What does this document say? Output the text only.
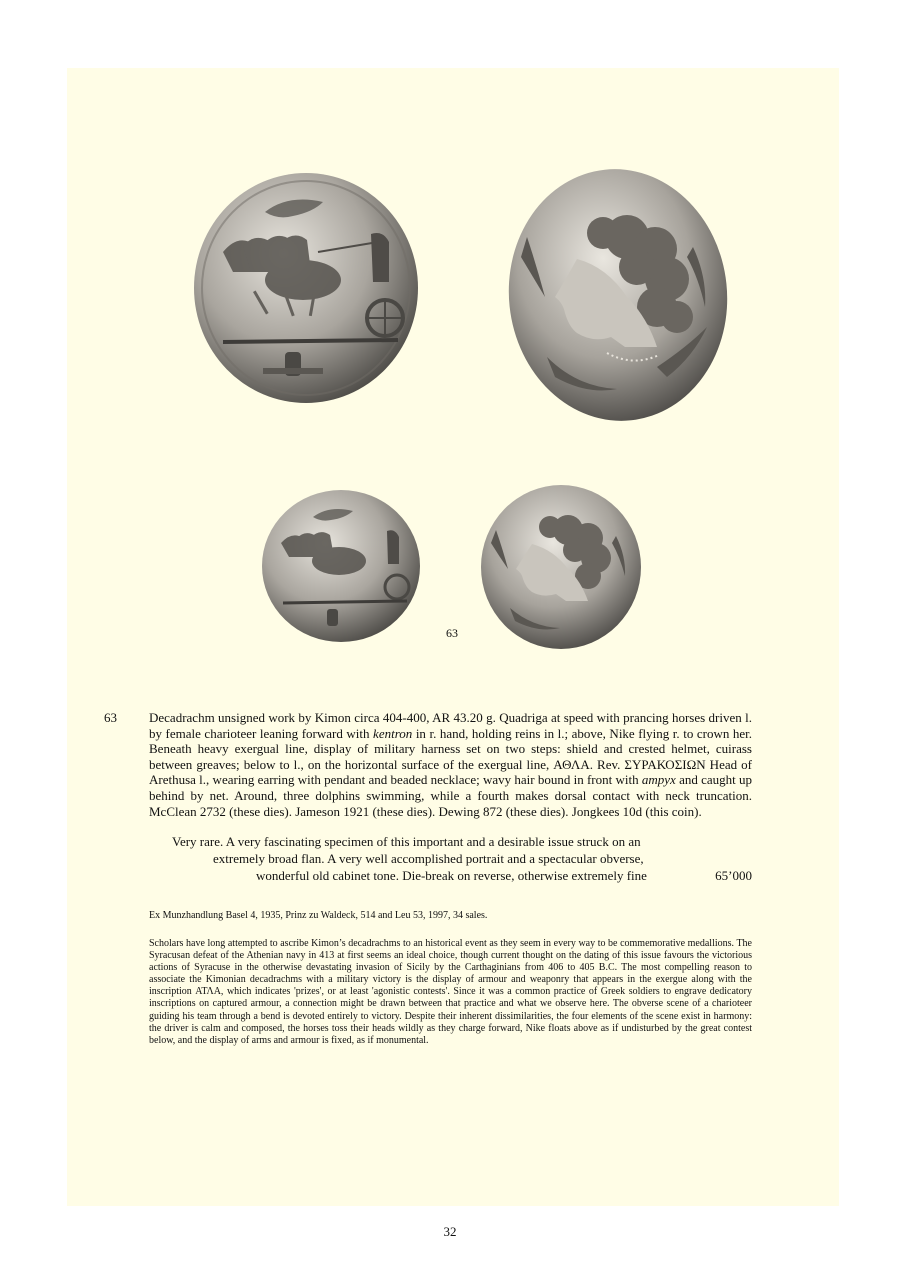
63
63 Decadrachm unsigned work by Kimon circa 404-400, AR 43.20 g. Quadriga at speed with prancing horses driven l. by female charioteer leaning forward with kentron in r. hand, holding reins in l.; above, Nike flying r. to crown her. Beneath heavy exergual line, display of military harness set on two steps: shield and crested helmet, cuirass between greaves; below to l., on the horizontal surface of the exergual line, ΑΘΛΑ. Rev. ΣΥΡΑΚΟΣΙΩΝ Head of Arethusa l., wearing earring with pendant and beaded necklace; wavy hair bound in front with ampyx and caught up behind by net. Around, three dolphins swimming, while a fourth makes dorsal contact with neck truncation. McClean 2732 (these dies). Jameson 1921 (these dies). Dewing 872 (these dies). Jongkees 10d (this coin).
Very rare. A very fascinating specimen of this important and a desirable issue struck on an
extremely broad flan. A very well accomplished portrait and a spectacular obverse,
wonderful old cabinet tone. Die-break on reverse, otherwise extremely fine	65’000
Ex Munzhandlung Basel 4, 1935, Prinz zu Waldeck, 514 and Leu 53, 1997, 34 sales.
Scholars have long attempted to ascribe Kimon’s decadrachms to an historical event as they seem in every way to be commemorative medallions. The Syracusan defeat of the Athenian navy in 413 at first seems an ideal choice, though current thought on the dating of this issue favours the victorious actions of Syracuse in the otherwise devastating invasion of Sicily by the Carthaginians from 406 to 405 B.C. The most compelling reason to associate the Kimonian decadrachms with a military victory is the display of armour and weaponry that appears in the exergue along with the inscription ΑΤΛΑ, which indicates 'prizes', or at least 'agonistic contests'. Since it was a common practice of Greek soldiers to engrave dedicatory inscriptions on captured armour, a connection might be drawn between that practice and what we observe here. The obverse scene of a charioteer guiding his team through a bend is devoted entirely to victory. Despite their inherent dissimilarities, the four elements of the scene exist in harmony: the driver is calm and composed, the horses toss their heads wildly as they charge forward, Nike floats above as if undisturbed by the great contest below, and the display of arms and armour is fixed, as if monumental.
32
